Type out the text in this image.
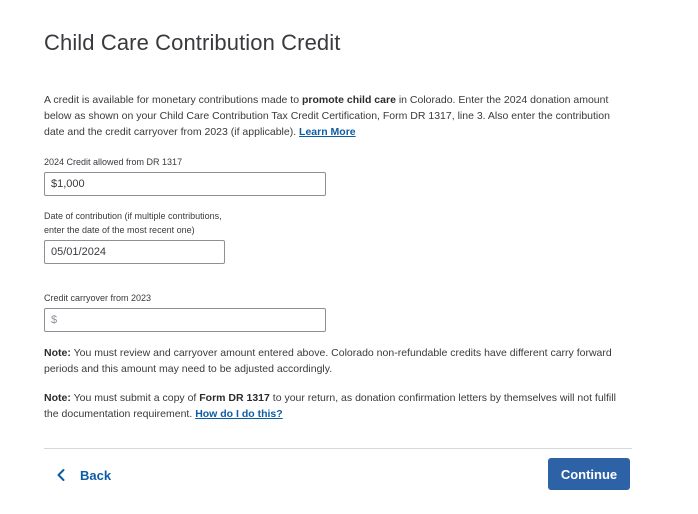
Child Care Contribution Credit

A credit is available for monetary contributions made to promote child care in Colorado. Enter the 2024 donation amount below as shown on your Child Care Contribution Tax Credit Certification, Form DR 1317, line 3. Also enter the contribution date and the credit carryover from 2023 (if applicable). Learn More

2024 Credit allowed from DR 1317
$1,000
Date of contribution (if multiple contributions, enter the date of the most recent one)
05/01/2024
Credit carryover from 2023
$

Note: You must review and carryover amount entered above. Colorado non-refundable credits have different carry forward periods and this amount may need to be adjusted accordingly.

Note: You must submit a copy of Form DR 1317 to your return, as donation confirmation letters by themselves will not fulfill the documentation requirement. How do I do this?

Back	Continue
